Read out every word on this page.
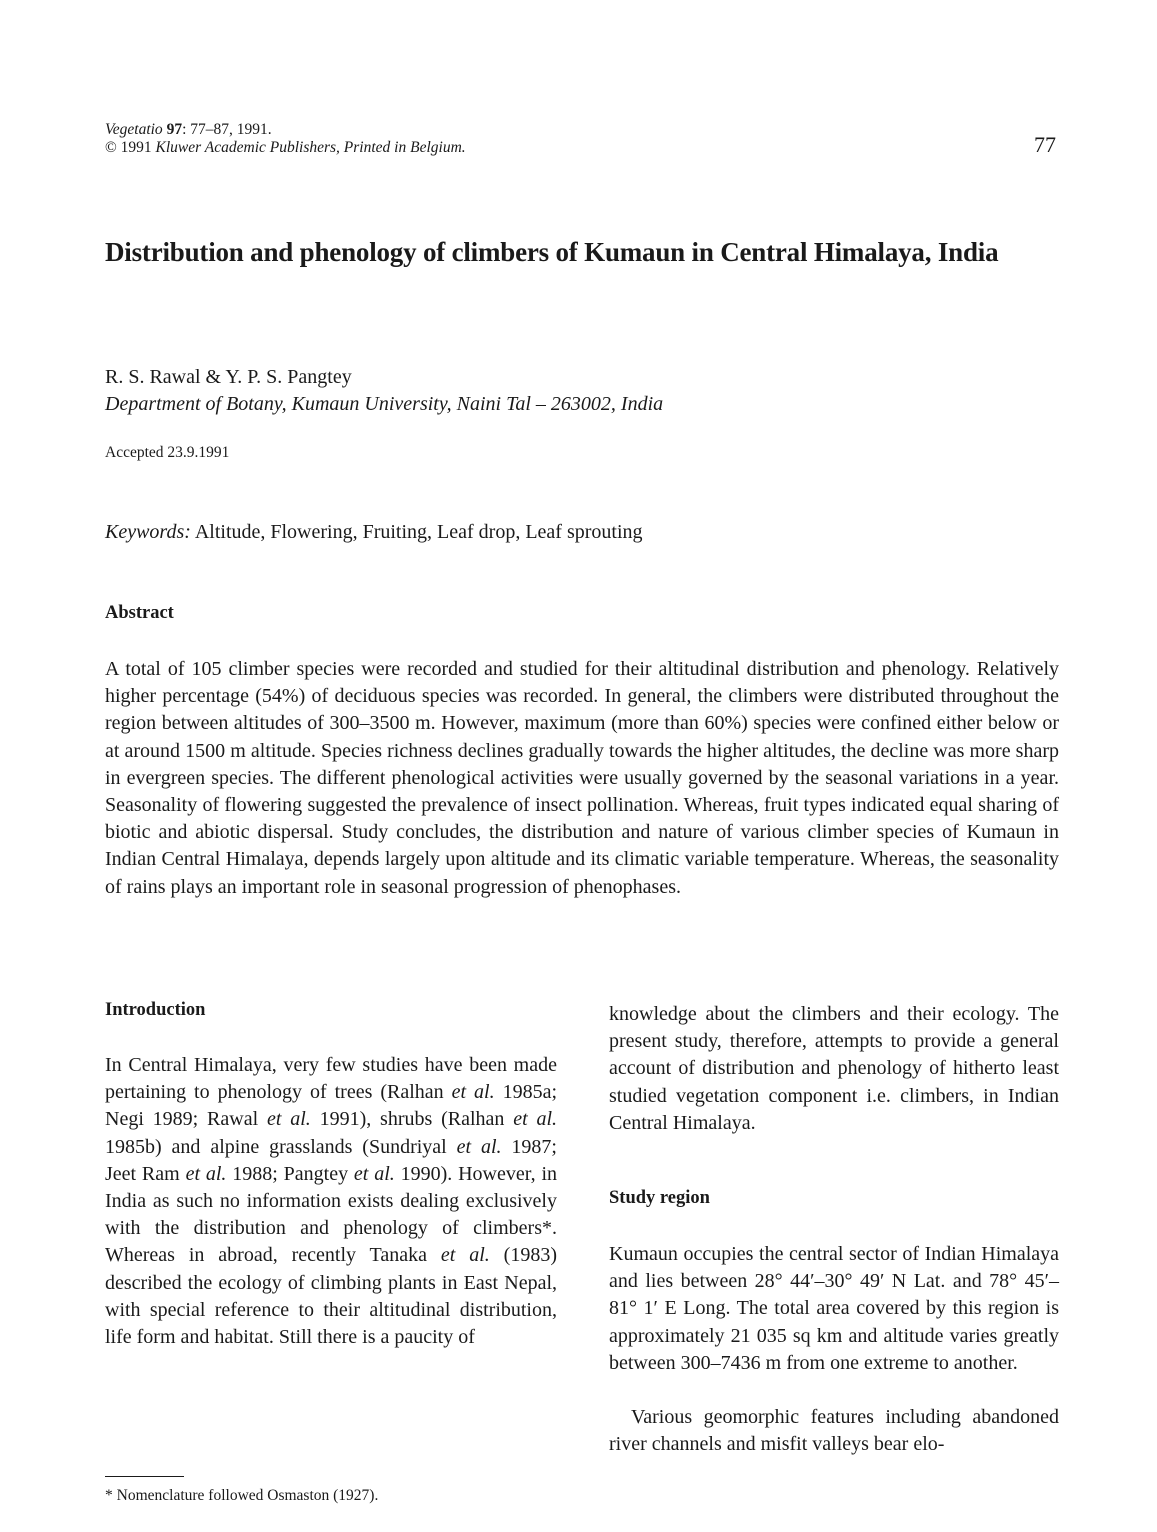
Vegetatio 97: 77–87, 1991.
© 1991 Kluwer Academic Publishers, Printed in Belgium.	77
Distribution and phenology of climbers of Kumaun in Central Himalaya, India
R. S. Rawal & Y. P. S. Pangtey
Department of Botany, Kumaun University, Naini Tal – 263002, India
Accepted 23.9.1991
Keywords: Altitude, Flowering, Fruiting, Leaf drop, Leaf sprouting
Abstract

A total of 105 climber species were recorded and studied for their altitudinal distribution and phenology. Relatively higher percentage (54%) of deciduous species was recorded. In general, the climbers were distributed throughout the region between altitudes of 300–3500 m. However, maximum (more than 60%) species were confined either below or at around 1500 m altitude. Species richness declines gradually towards the higher altitudes, the decline was more sharp in evergreen species. The different phenological activities were usually governed by the seasonal variations in a year. Seasonality of flowering suggested the prevalence of insect pollination. Whereas, fruit types indicated equal sharing of biotic and abiotic dispersal. Study concludes, the distribution and nature of various climber species of Kumaun in Indian Central Himalaya, depends largely upon altitude and its climatic variable temperature. Whereas, the seasonality of rains plays an important role in seasonal progression of phenophases.

Introduction

In Central Himalaya, very few studies have been made pertaining to phenology of trees (Ralhan et al. 1985a; Negi 1989; Rawal et al. 1991), shrubs (Ralhan et al. 1985b) and alpine grasslands (Sundriyal et al. 1987; Jeet Ram et al. 1988; Pangtey et al. 1990). However, in India as such no information exists dealing exclusively with the distribution and phenology of climbers*. Whereas in abroad, recently Tanaka et al. (1983) described the ecology of climbing plants in East Nepal, with special reference to their altitudinal distribution, life form and habitat. Still there is a paucity of

knowledge about the climbers and their ecology. The present study, therefore, attempts to provide a general account of distribution and phenology of hitherto least studied vegetation component i.e. climbers, in Indian Central Himalaya.

Study region

Kumaun occupies the central sector of Indian Himalaya and lies between 28° 44′–30° 49′ N Lat. and 78° 45′–81° 1′ E Long. The total area covered by this region is approximately 21 035 sq km and altitude varies greatly between 300–7436 m from one extreme to another.

Various geomorphic features including abandoned river channels and misfit valleys bear elo-

* Nomenclature followed Osmaston (1927).
